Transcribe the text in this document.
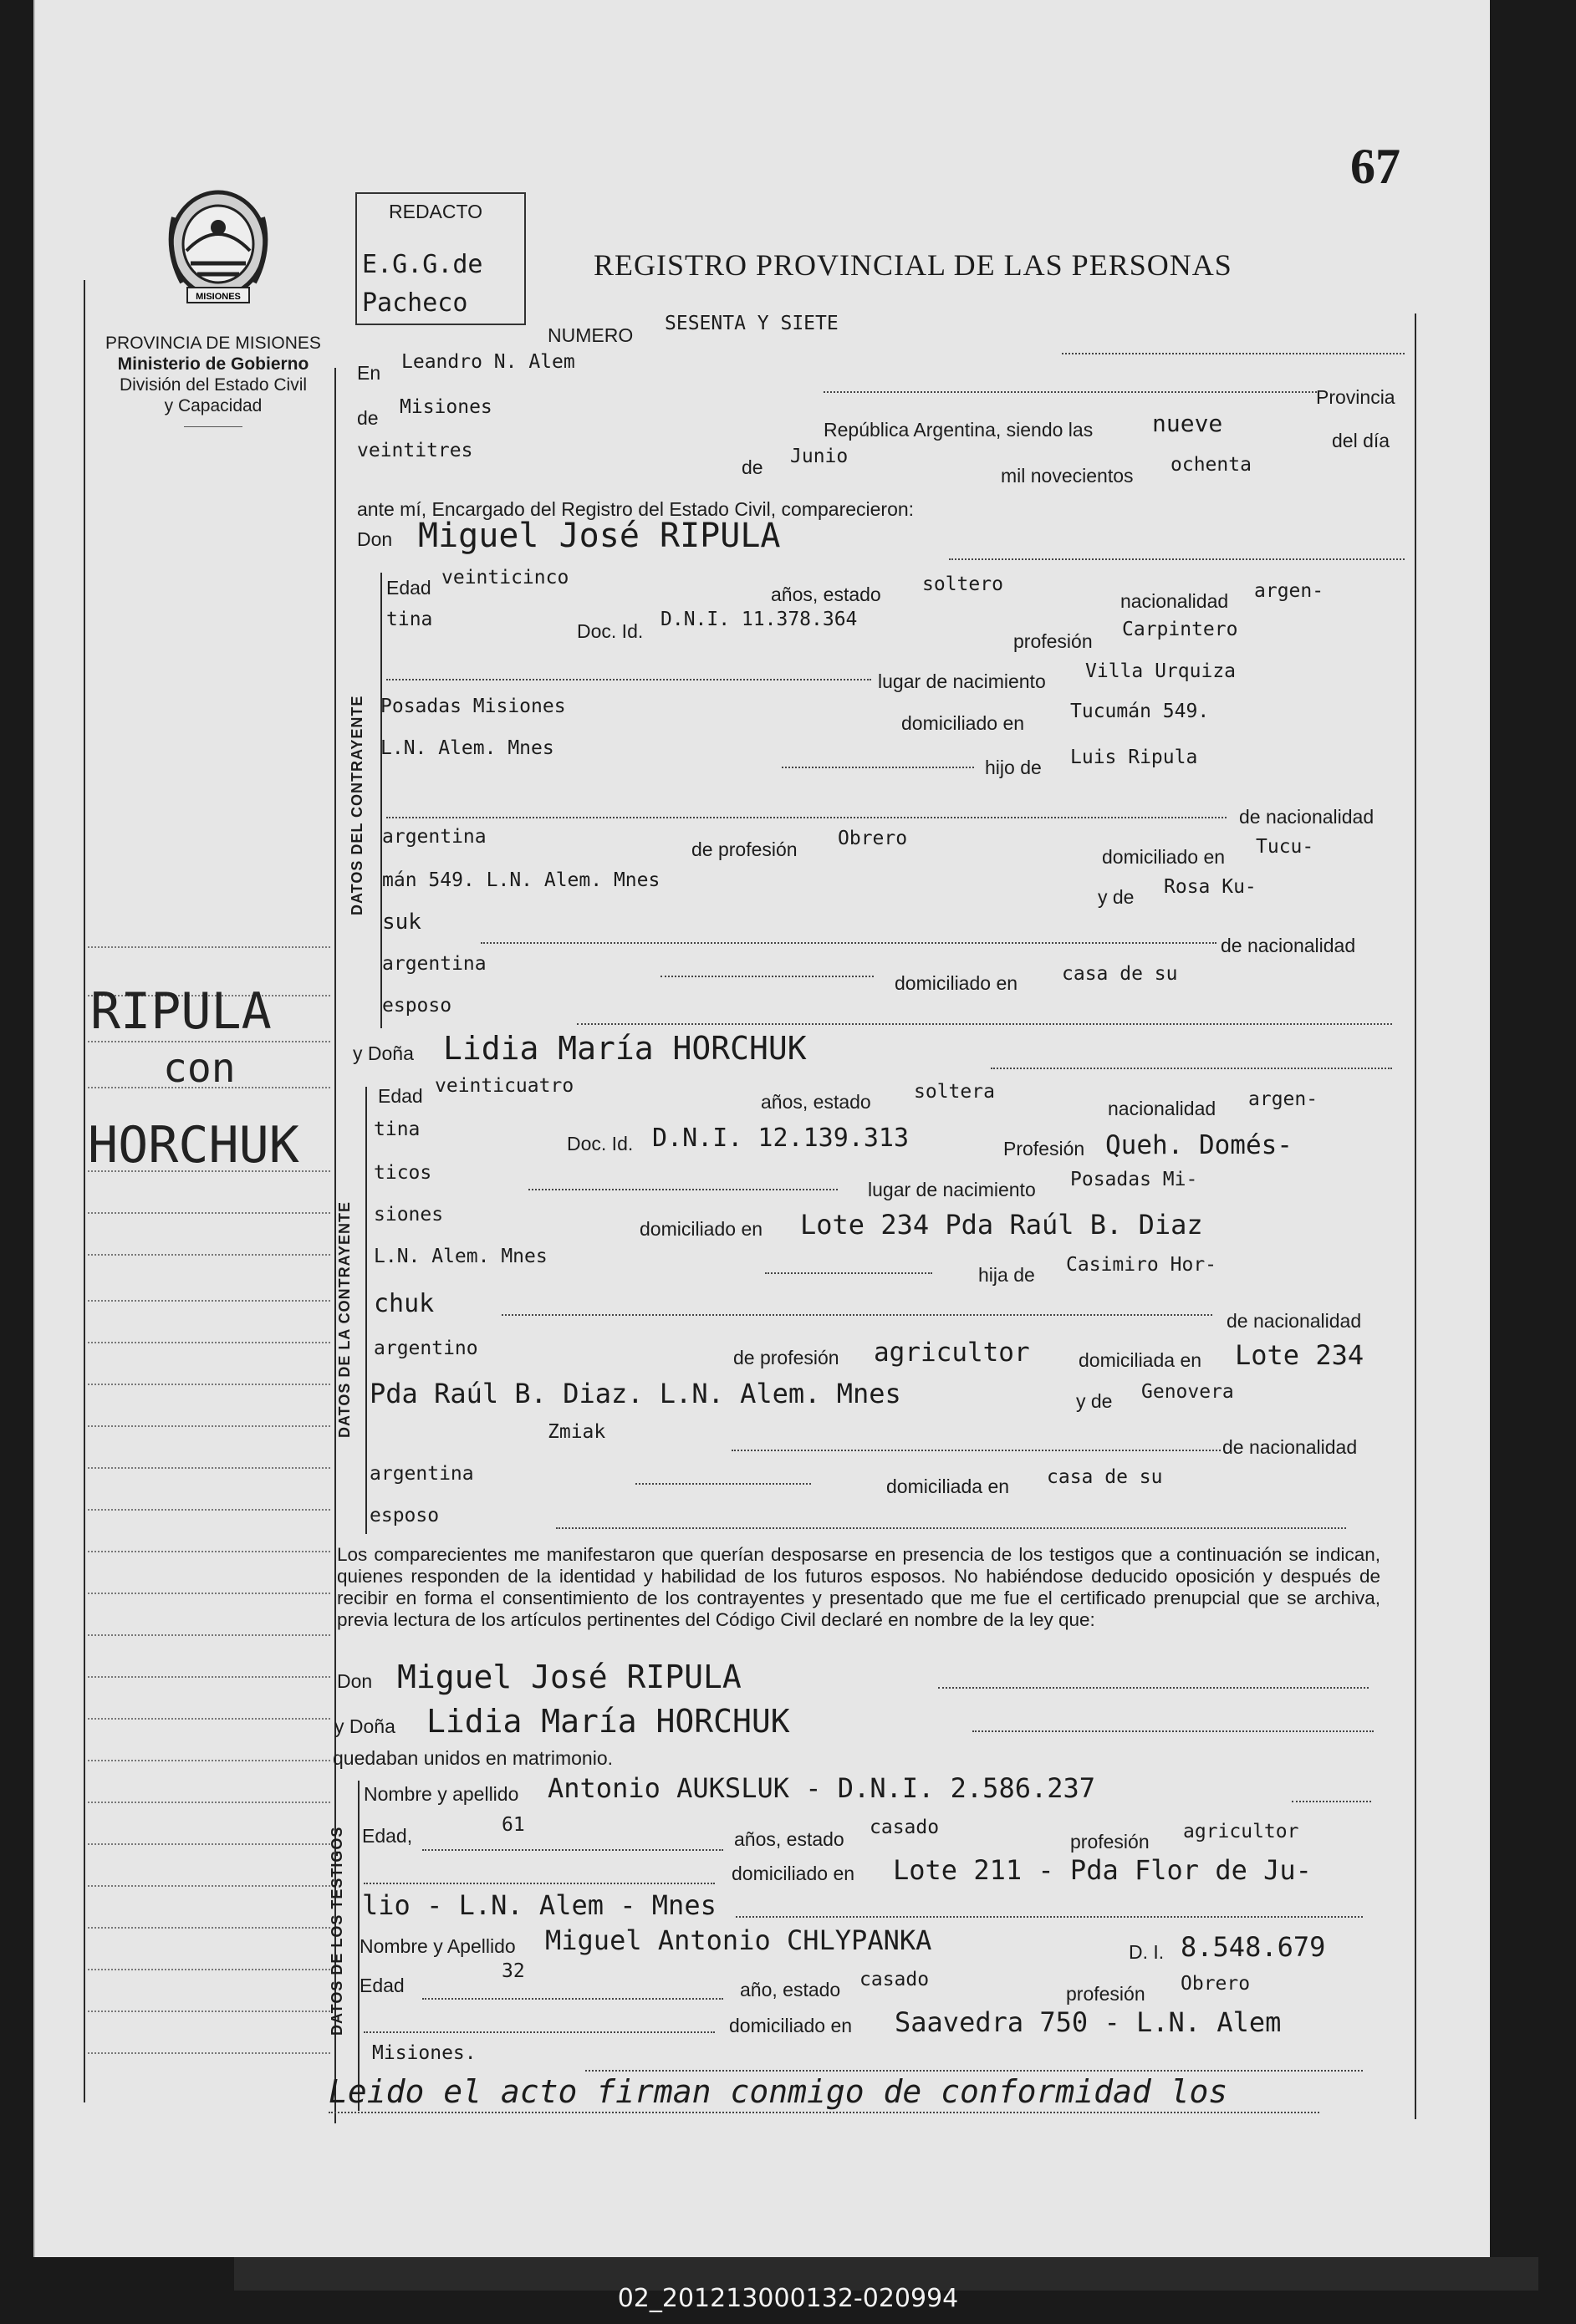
67
REDACTO
E.G.G.de Pacheco
REGISTRO PROVINCIAL DE LAS PERSONAS
MISIONES
PROVINCIA DE MISIONES
Ministerio de Gobierno
División del Estado Civil
y Capacidad
RIPULA
con
HORCHUK
NUMERO
SESENTA Y SIETE
En Leandro N. Alem
Provincia
de Misiones
República Argentina, siendo las	nueve
del día
veintitres
de Junio
mil novecientos ochenta
ante mí, Encargado del Registro del Estado Civil, comparecieron:
Don Miguel José RIPULA
DATOS DEL CONTRAYENTE
Edad veinticinco
años, estado soltero
nacionalidad argen-
tina
Doc. Id.
D.N.I. 11.378.364
profesión
Carpintero
lugar de nacimiento Villa Urquiza
Posadas Misiones
domiciliado en
Tucumán 549.
L.N. Alem. Mnes
hijo de Luis Ripula
de nacionalidad
argentina
de profesión Obrero
domiciliado en Tucu-
mán 549. L.N. Alem. Mnes
y de Rosa Ku-
suk
de nacionalidad
argentina
domiciliado en casa de su
esposo
y Doña Lidia María HORCHUK
DATOS DE LA CONTRAYENTE
Edad veinticuatro
años, estado soltera
nacionalidad argen-
tina
Doc. Id. D.N.I. 12.139.313	Profesión Queh. Domés-
ticos
lugar de nacimiento Posadas Mi-
siones
domiciliado en Lote 234 Pda Raúl B. Diaz
L.N. Alem. Mnes
hija de Casimiro Hor-
chuk
de nacionalidad
argentino	de profesión agricultor	domiciliada en Lote 234
Pda Raúl B. Diaz. L.N. Alem. Mnes	y de Genovera
Zmiak
de nacionalidad
argentina
domiciliada en casa de su
esposo
Los comparecientes me manifestaron que querían desposarse en presencia de los testigos que a continuación se indican, quienes responden de la identidad y habilidad de los futuros esposos. No habiéndose deducido oposición y después de recibir en forma el consentimiento de los contrayentes y presentado que me fue el certificado prenupcial que se archiva, previa lectura de los artículos pertinentes del Código Civil declaré en nombre de la ley que:
Don Miguel José RIPULA
y Doña Lidia María HORCHUK
quedaban unidos en matrimonio.
DATOS DE LOS TESTIGOS
Nombre y apellido Antonio AUKSLUK - D.N.I. 2.586.237
Edad,	61
años, estado
casado
profesión agricultor
domiciliado en Lote 211 - Pda Flor de Ju-
lio - L.N. Alem - Mnes
Nombre y Apellido Miguel Antonio CHLYPANKA	D. I. 8.548.679
Edad
32
año, estado casado
profesión Obrero
domiciliado en Saavedra 750 - L.N. Alem
Misiones.
Leido el acto firman conmigo de conformidad los
02_201213000132-020994
